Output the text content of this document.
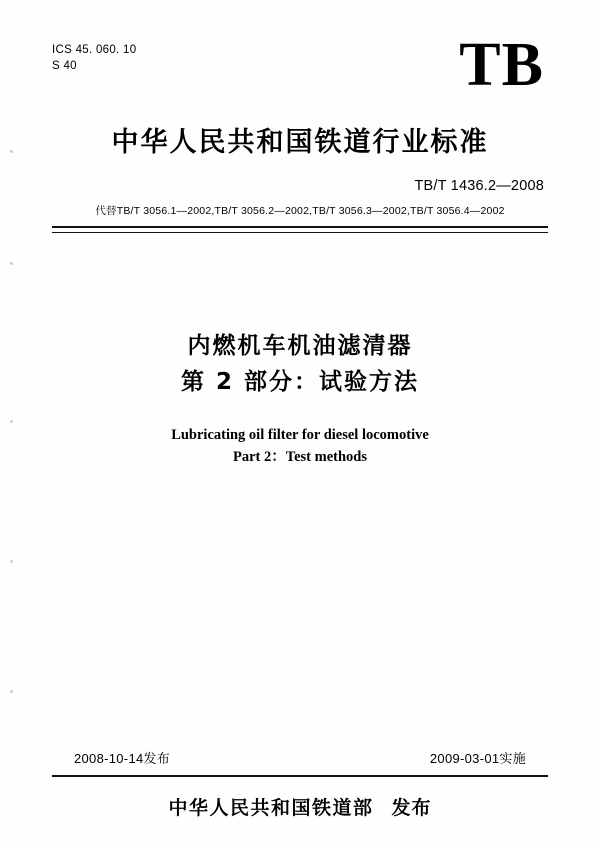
ICS 45. 060. 10
S 40	TB
中华人民共和国铁道行业标准
TB/T 1436.2—2008
代替TB/T 3056.1—2002,TB/T 3056.2—2002,TB/T 3056.3—2002,TB/T 3056.4—2002
内燃机车机油滤清器
第 2 部分：试验方法
Lubricating oil filter for diesel locomotive
Part 2：Test methods
2008-10-14发布	2009-03-01实施
中华人民共和国铁道部 发布
